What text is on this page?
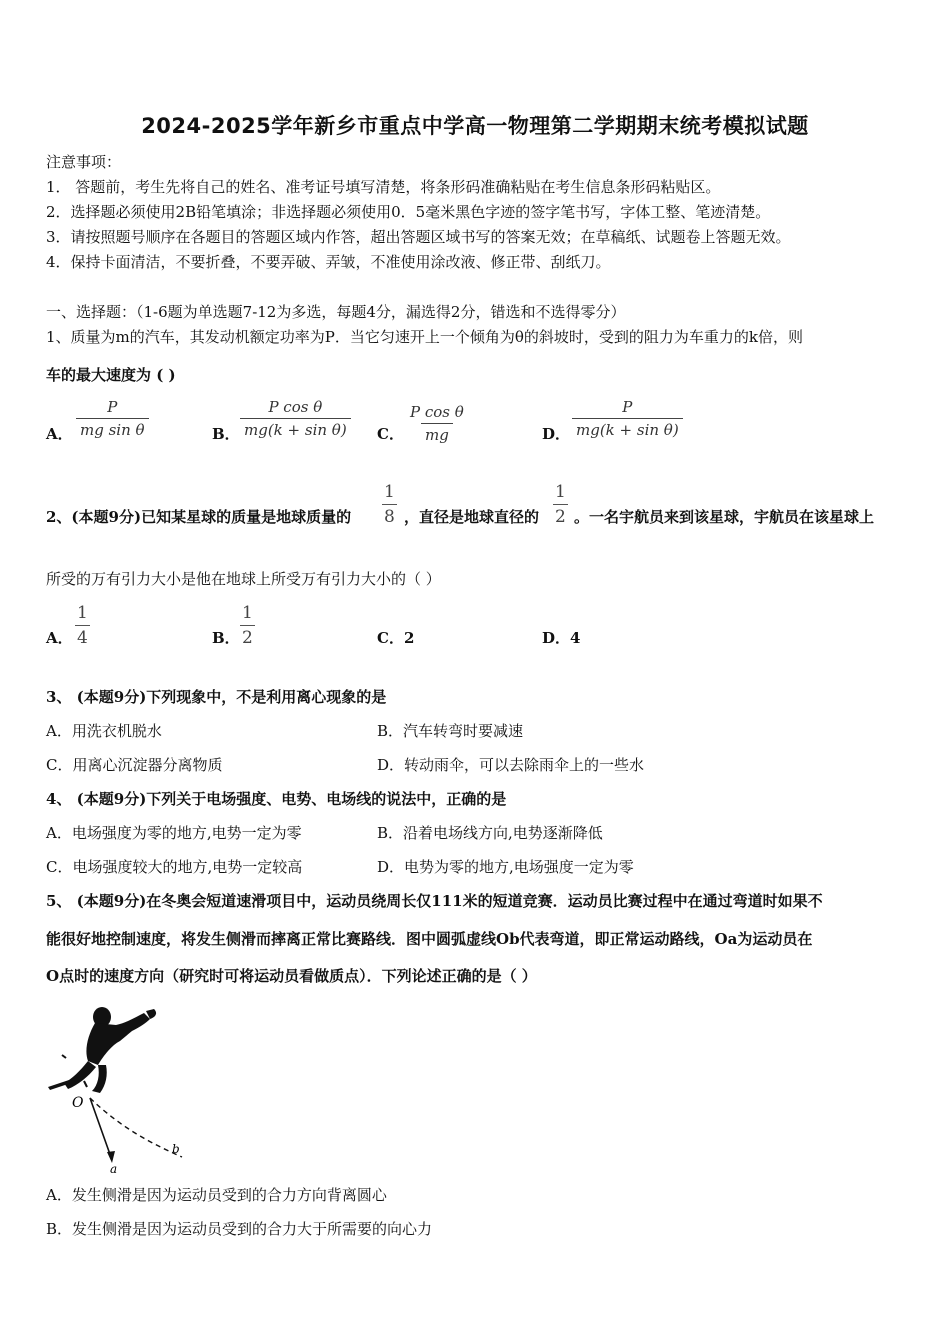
2024-2025学年新乡市重点中学高一物理第二学期期末统考模拟试题
注意事项：
1． 答题前，考生先将自己的姓名、准考证号填写清楚，将条形码准确粘贴在考生信息条形码粘贴区。
2．选择题必须使用2B铅笔填涂；非选择题必须使用0．5毫米黑色字迹的签字笔书写，字体工整、笔迹清楚。
3．请按照题号顺序在各题目的答题区域内作答，超出答题区域书写的答案无效；在草稿纸、试题卷上答题无效。
4．保持卡面清洁，不要折叠，不要弄破、弄皱，不准使用涂改液、修正带、刮纸刀。
一、选择题：（1-6题为单选题7-12为多选，每题4分，漏选得2分，错选和不选得零分）
1、质量为m的汽车，其发动机额定功率为P．当它匀速开上一个倾角为θ的斜坡时，受到的阻力为车重力的k倍，则
车的最大速度为 ( )
A． $\frac{P}{\text{mg sin θ}}$	B． $\frac{\text{P cos θ}}{\text{mg(k + sin θ)}}$ C． $\frac{\text{P cos θ}}{mg}$	D． $\frac{P}{\text{mg(k + sin θ)}}$
2、(本题9分)已知某星球的质量是地球质量的 $\frac{1}{8}$ ，直径是地球直径的 $\frac{1}{2}$ 。一名宇航员来到该星球，宇航员在该星球上
所受的万有引力大小是他在地球上所受万有引力大小的（ ）
A． $\frac{1}{4}$	B． $\frac{1}{2}$	C．2	D．4
3、 (本题9分)下列现象中，不是利用离心现象的是
A．用洗衣机脱水	B．汽车转弯时要减速
C．用离心沉淀器分离物质	D．转动雨伞，可以去除雨伞上的一些水
4、 (本题9分)下列关于电场强度、电势、电场线的说法中，正确的是
A．电场强度为零的地方,电势一定为零	B．沿着电场线方向,电势逐渐降低
C．电场强度较大的地方,电势一定较高	D．电势为零的地方,电场强度一定为零
5、 (本题9分)在冬奥会短道速滑项目中，运动员绕周长仅111米的短道竞赛．运动员比赛过程中在通过弯道时如果不
能很好地控制速度，将发生侧滑而摔离正常比赛路线．图中圆弧虚线Ob代表弯道，即正常运动路线，Oa为运动员在
O点时的速度方向（研究时可将运动员看做质点）．下列论述正确的是（ ）
O
a
b
A．发生侧滑是因为运动员受到的合力方向背离圆心
B．发生侧滑是因为运动员受到的合力大于所需要的向心力
